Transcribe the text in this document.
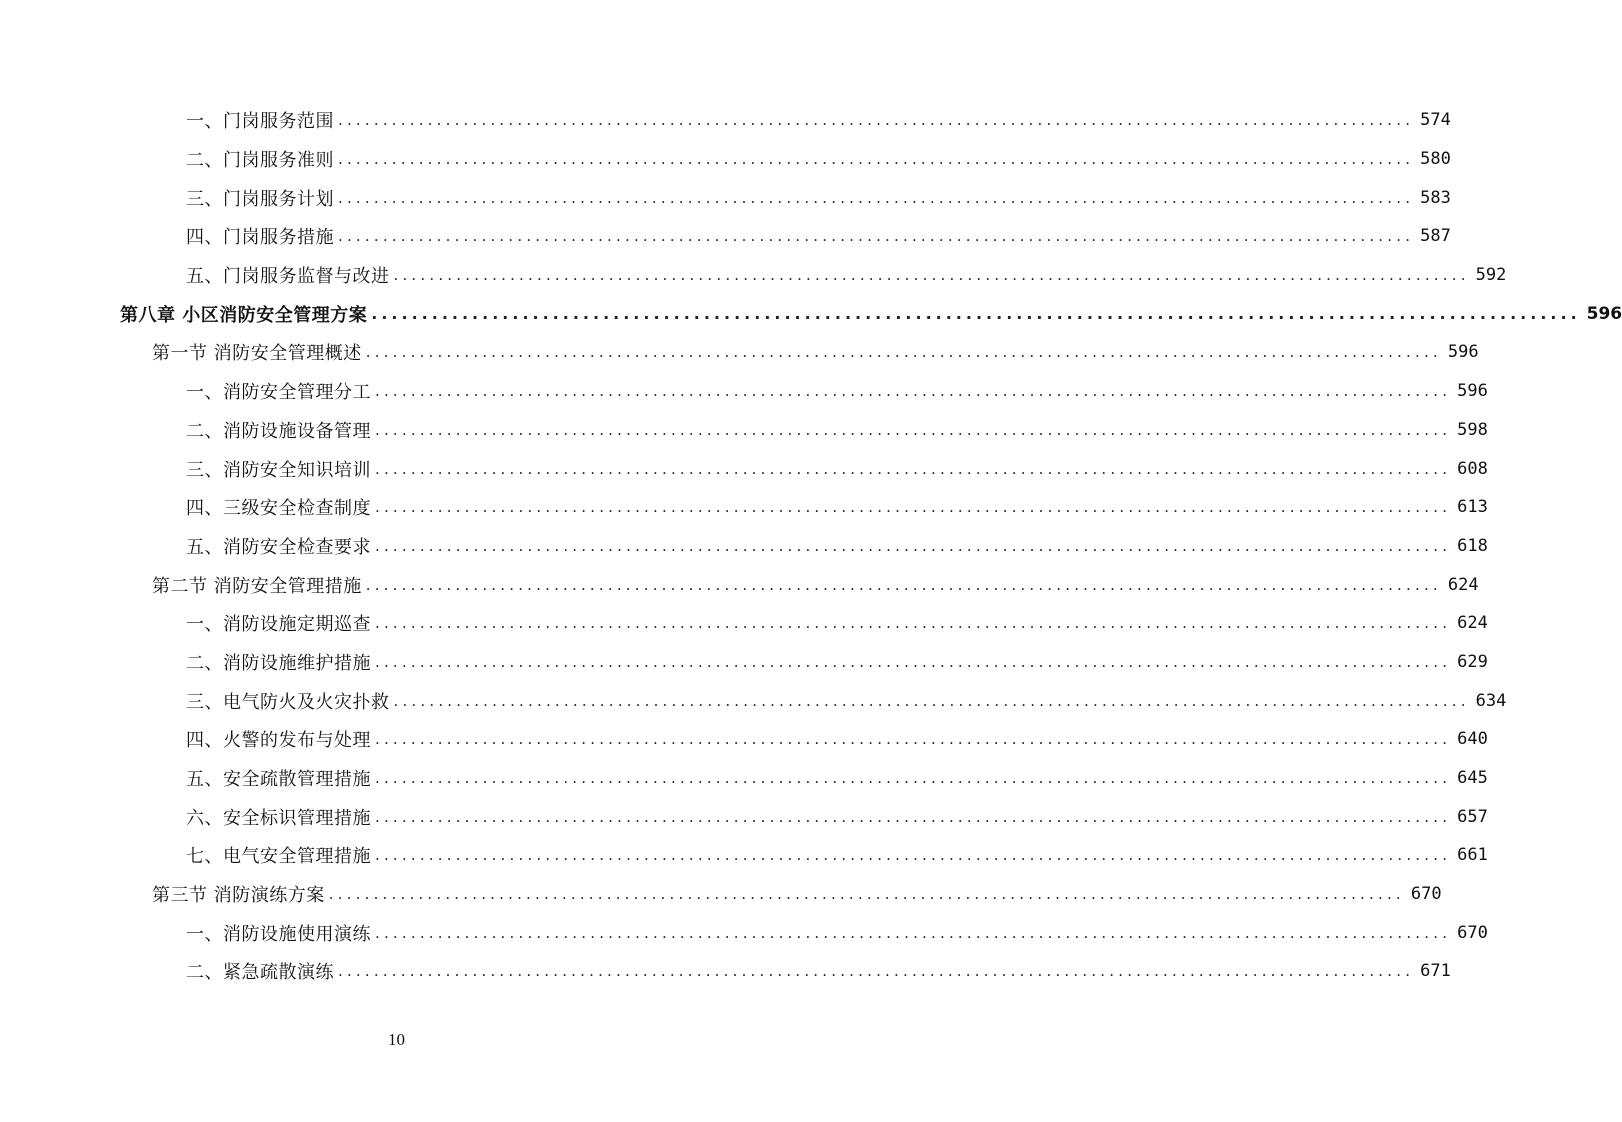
一、门岗服务范围 ........................................................................................................................ 574
二、门岗服务准则 ........................................................................................................................ 580
三、门岗服务计划 ........................................................................................................................ 583
四、门岗服务措施 ........................................................................................................................ 587
五、门岗服务监督与改进 ........................................................................................................................ 592
第八章 小区消防安全管理方案 ........................................................................................................................ 596
第一节 消防安全管理概述 ........................................................................................................................ 596
一、消防安全管理分工 ........................................................................................................................ 596
二、消防设施设备管理 ........................................................................................................................ 598
三、消防安全知识培训 ........................................................................................................................ 608
四、三级安全检查制度 ........................................................................................................................ 613
五、消防安全检查要求 ........................................................................................................................ 618
第二节 消防安全管理措施 ........................................................................................................................ 624
一、消防设施定期巡查 ........................................................................................................................ 624
二、消防设施维护措施 ........................................................................................................................ 629
三、电气防火及火灾扑救 ........................................................................................................................ 634
四、火警的发布与处理 ........................................................................................................................ 640
五、安全疏散管理措施 ........................................................................................................................ 645
六、安全标识管理措施 ........................................................................................................................ 657
七、电气安全管理措施 ........................................................................................................................ 661
第三节 消防演练方案 ........................................................................................................................ 670
一、消防设施使用演练 ........................................................................................................................ 670
二、紧急疏散演练 ........................................................................................................................ 671
10
